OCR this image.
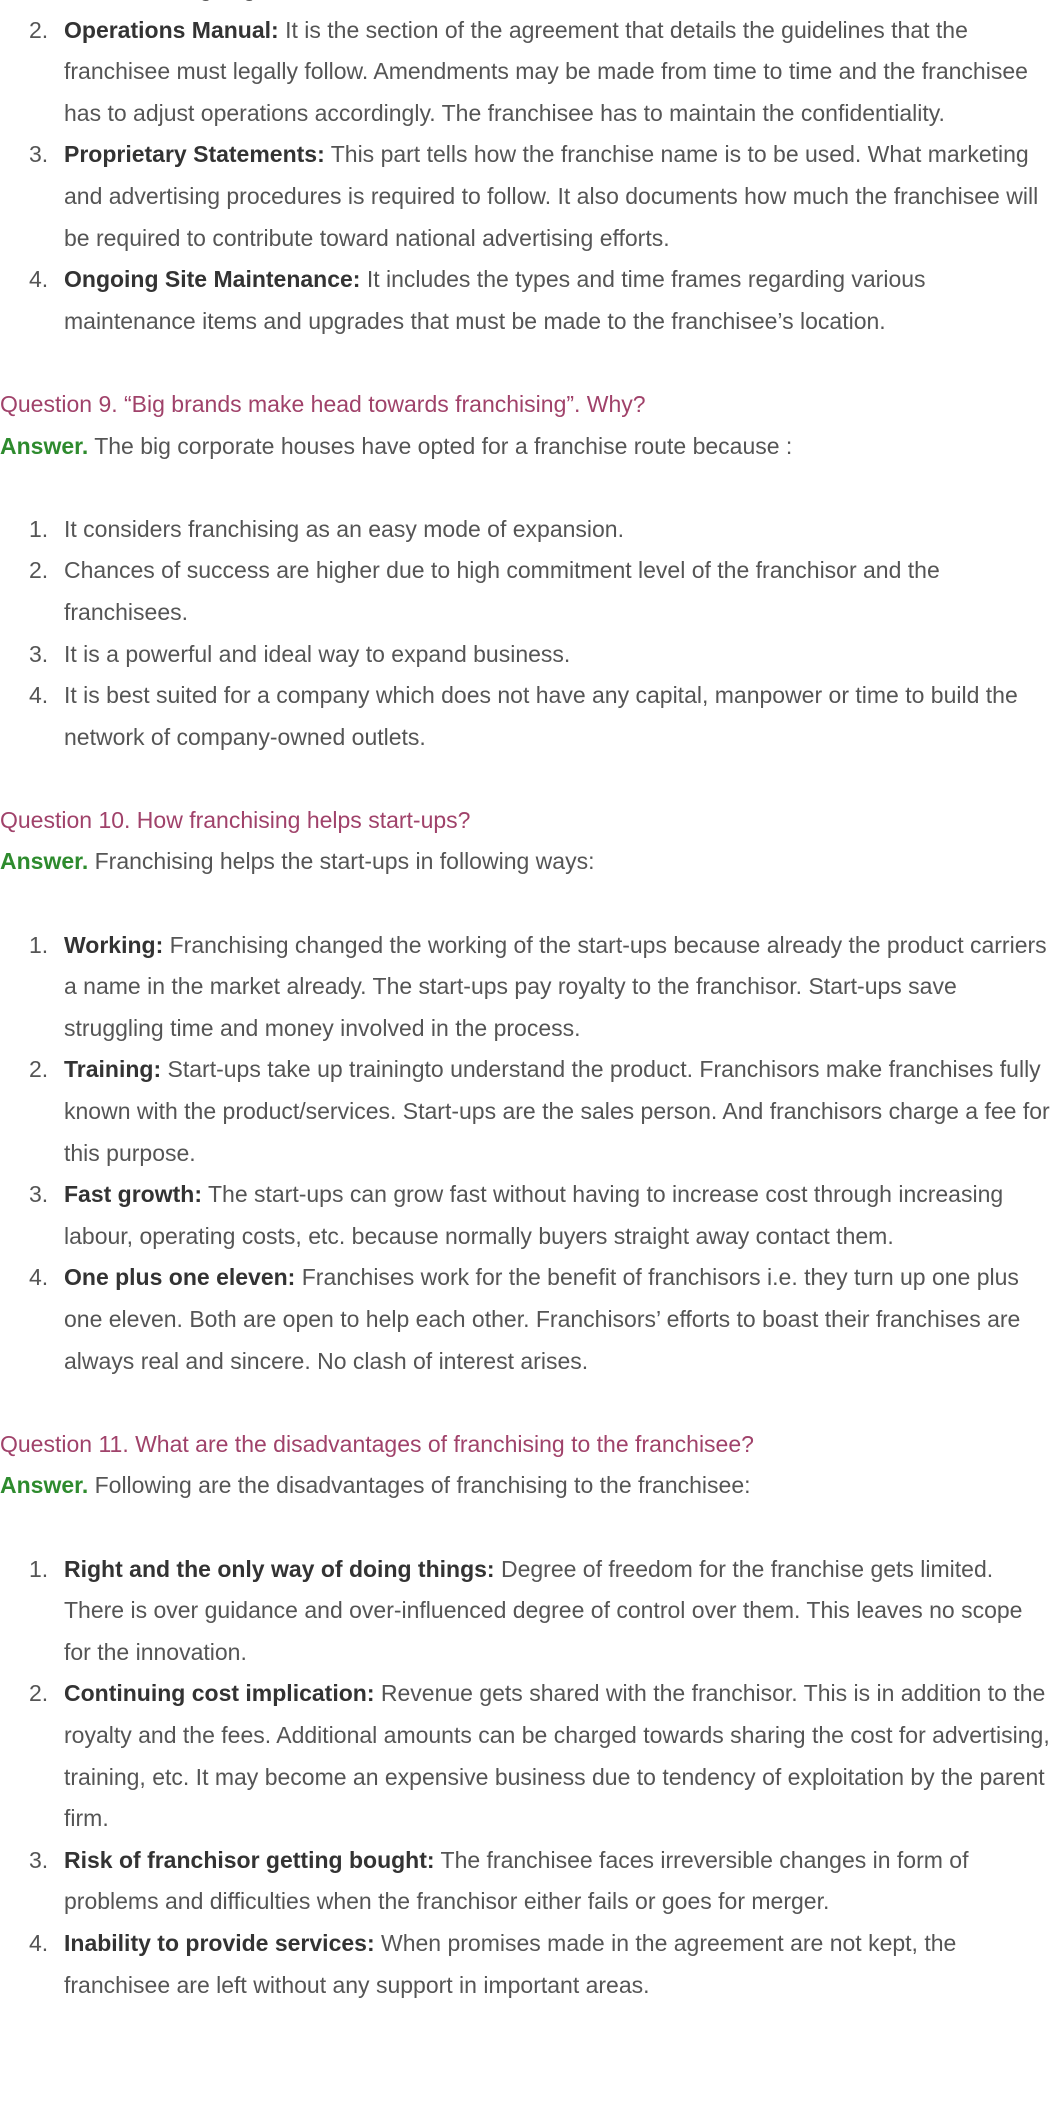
2. Operations Manual: It is the section of the agreement that details the guidelines that the franchisee must legally follow. Amendments may be made from time to time and the franchisee has to adjust operations accordingly. The franchisee has to maintain the confidentiality.
3. Proprietary Statements: This part tells how the franchise name is to be used. What marketing and advertising procedures is required to follow. It also documents how much the franchisee will be required to contribute toward national advertising efforts.
4. Ongoing Site Maintenance: It includes the types and time frames regarding various maintenance items and upgrades that must be made to the franchisee’s location.

Question 9. “Big brands make head towards franchising”. Why?

Answer. The big corporate houses have opted for a franchise route because :

1. It considers franchising as an easy mode of expansion.
2. Chances of success are higher due to high commitment level of the franchisor and the franchisees.
3. It is a powerful and ideal way to expand business.
4. It is best suited for a company which does not have any capital, manpower or time to build the network of company-owned outlets.

Question 10. How franchising helps start-ups?

Answer. Franchising helps the start-ups in following ways:

1. Working: Franchising changed the working of the start-ups because already the product carriers a name in the market already. The start-ups pay royalty to the franchisor. Start-ups save struggling time and money involved in the process.
2. Training: Start-ups take up trainingto understand the product. Franchisors make franchises fully known with the product/services. Start-ups are the sales person. And franchisors charge a fee for this purpose.
3. Fast growth: The start-ups can grow fast without having to increase cost through increasing labour, operating costs, etc. because normally buyers straight away contact them.
4. One plus one eleven: Franchises work for the benefit of franchisors i.e. they turn up one plus one eleven. Both are open to help each other. Franchisors’ efforts to boast their franchises are always real and sincere. No clash of interest arises.

Question 11. What are the disadvantages of franchising to the franchisee?

Answer. Following are the disadvantages of franchising to the franchisee:

1. Right and the only way of doing things: Degree of freedom for the franchise gets limited. There is over guidance and over-influenced degree of control over them. This leaves no scope for the innovation.
2. Continuing cost implication: Revenue gets shared with the franchisor. This is in addition to the royalty and the fees. Additional amounts can be charged towards sharing the cost for advertising, training, etc. It may become an expensive business due to tendency of exploitation by the parent firm.
3. Risk of franchisor getting bought: The franchisee faces irreversible changes in form of problems and difficulties when the franchisor either fails or goes for merger.
4. Inability to provide services: When promises made in the agreement are not kept, the franchisee are left without any support in important areas.
